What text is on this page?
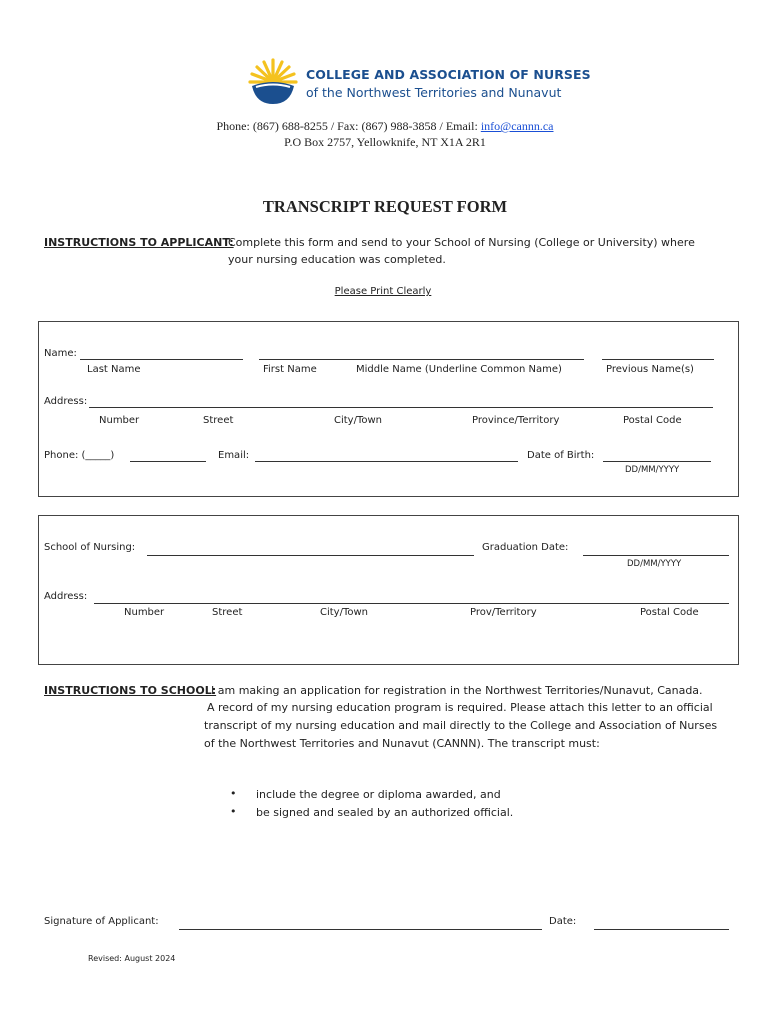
COLLEGE AND ASSOCIATION OF NURSES
of the Northwest Territories and Nunavut
Phone: (867) 688-8255 / Fax: (867) 988-3858 / Email: info@cannn.ca
P.O Box 2757, Yellowknife, NT X1A 2R1
TRANSCRIPT REQUEST FORM
INSTRUCTIONS TO APPLICANT:
Complete this form and send to your School of Nursing (College or University) where
your nursing education was completed.
Please Print Clearly
Name:
Last Name	First Name	Middle Name (Underline Common Name)	Previous Name(s)
Address:
Number	Street	City/Town	Province/Territory	Postal Code
Phone: (_____)	Email:	Date of Birth:
DD/MM/YYYY
School of Nursing:	Graduation Date:
DD/MM/YYYY
Address:
Number	Street	City/Town	Prov/Territory	Postal Code
INSTRUCTIONS TO SCHOOL:
I am making an application for registration in the Northwest Territories/Nunavut, Canada.
A record of my nursing education program is required. Please attach this letter to an official
transcript of my nursing education and mail directly to the College and Association of Nurses
of the Northwest Territories and Nunavut (CANNN). The transcript must:
• include the degree or diploma awarded, and
• be signed and sealed by an authorized official.
Signature of Applicant:	Date:
Revised: August 2024
